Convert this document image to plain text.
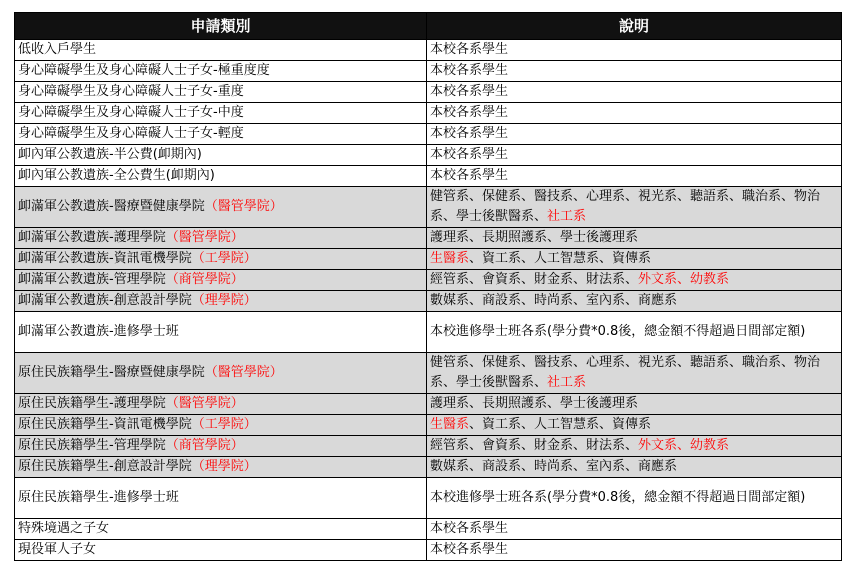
申請類別	說明
低收入戶學生	本校各系學生
身心障礙學生及身心障礙人士子女-極重度度	本校各系學生
身心障礙學生及身心障礙人士子女-重度	本校各系學生
身心障礙學生及身心障礙人士子女-中度	本校各系學生
身心障礙學生及身心障礙人士子女-輕度	本校各系學生
卹內軍公教遺族-半公費(卹期內)	本校各系學生
卹內軍公教遺族-全公費生(卹期內)	本校各系學生
卹滿軍公教遺族-醫療暨健康學院（醫管學院）	健管系、保健系、醫技系、心理系、視光系、聽語系、職治系、物治系、學士後獸醫系、社工系
卹滿軍公教遺族-護理學院（醫管學院）	護理系、長期照護系、學士後護理系
卹滿軍公教遺族-資訊電機學院（工學院）	生醫系、資工系、人工智慧系、資傳系
卹滿軍公教遺族-管理學院（商管學院）	經管系、會資系、財金系、財法系、外文系、幼教系
卹滿軍公教遺族-創意設計學院（理學院）	數媒系、商設系、時尚系、室內系、商應系
卹滿軍公教遺族-進修學士班	本校進修學士班各系(學分費*0.8後，總金額不得超過日間部定額)
原住民族籍學生-醫療暨健康學院（醫管學院）	健管系、保健系、醫技系、心理系、視光系、聽語系、職治系、物治系、學士後獸醫系、社工系
原住民族籍學生-護理學院（醫管學院）	護理系、長期照護系、學士後護理系
原住民族籍學生-資訊電機學院（工學院）	生醫系、資工系、人工智慧系、資傳系
原住民族籍學生-管理學院（商管學院）	經管系、會資系、財金系、財法系、外文系、幼教系
原住民族籍學生-創意設計學院（理學院）	數媒系、商設系、時尚系、室內系、商應系
原住民族籍學生-進修學士班	本校進修學士班各系(學分費*0.8後，總金額不得超過日間部定額)
特殊境遇之子女	本校各系學生
現役軍人子女	本校各系學生
